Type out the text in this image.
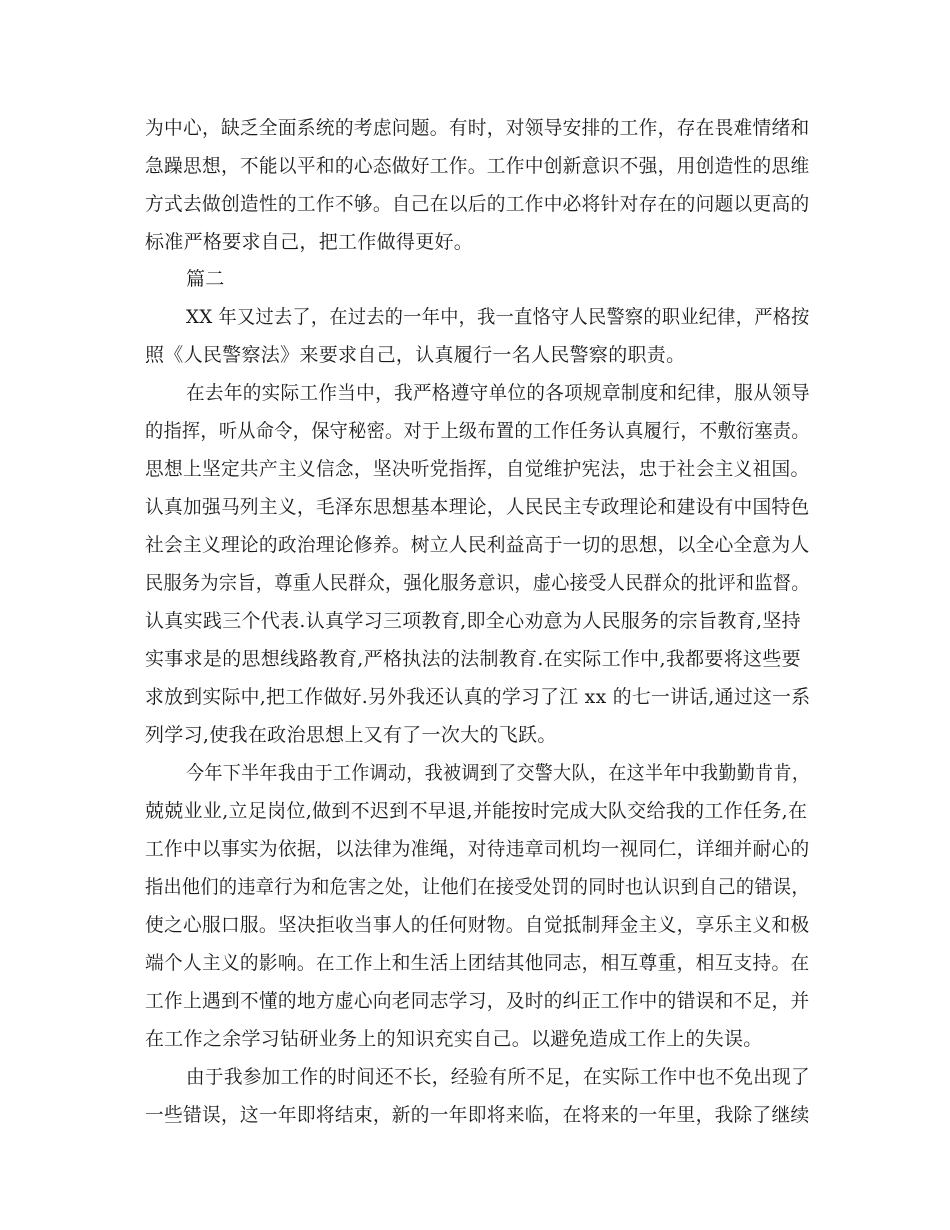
为中心，缺乏全面系统的考虑问题。有时，对领导安排的工作，存在畏难情绪和
急躁思想，不能以平和的心态做好工作。工作中创新意识不强，用创造性的思维
方式去做创造性的工作不够。自己在以后的工作中必将针对存在的问题以更高的
标准严格要求自己，把工作做得更好。
篇二
XX 年又过去了，在过去的一年中，我一直恪守人民警察的职业纪律，严格按
照《人民警察法》来要求自己，认真履行一名人民警察的职责。
在去年的实际工作当中，我严格遵守单位的各项规章制度和纪律，服从领导
的指挥，听从命令，保守秘密。对于上级布置的工作任务认真履行，不敷衍塞责。
思想上坚定共产主义信念，坚决听党指挥，自觉维护宪法，忠于社会主义祖国。
认真加强马列主义，毛泽东思想基本理论，人民民主专政理论和建设有中国特色
社会主义理论的政治理论修养。树立人民利益高于一切的思想，以全心全意为人
民服务为宗旨，尊重人民群众，强化服务意识，虚心接受人民群众的批评和监督。
认真实践三个代表.认真学习三项教育,即全心劝意为人民服务的宗旨教育,坚持
实事求是的思想线路教育,严格执法的法制教育.在实际工作中,我都要将这些要
求放到实际中,把工作做好.另外我还认真的学习了江 xx 的七一讲话,通过这一系
列学习,使我在政治思想上又有了一次大的飞跃。
今年下半年我由于工作调动，我被调到了交警大队，在这半年中我勤勤肯肯，
兢兢业业,立足岗位,做到不迟到不早退,并能按时完成大队交给我的工作任务,在
工作中以事实为依据，以法律为准绳，对待违章司机均一视同仁，详细并耐心的
指出他们的违章行为和危害之处，让他们在接受处罚的同时也认识到自己的错误，
使之心服口服。坚决拒收当事人的任何财物。自觉抵制拜金主义，享乐主义和极
端个人主义的影响。在工作上和生活上团结其他同志，相互尊重，相互支持。在
工作上遇到不懂的地方虚心向老同志学习，及时的纠正工作中的错误和不足，并
在工作之余学习钻研业务上的知识充实自己。以避免造成工作上的失误。
由于我参加工作的时间还不长，经验有所不足，在实际工作中也不免出现了
一些错误，这一年即将结束，新的一年即将来临，在将来的一年里，我除了继续
